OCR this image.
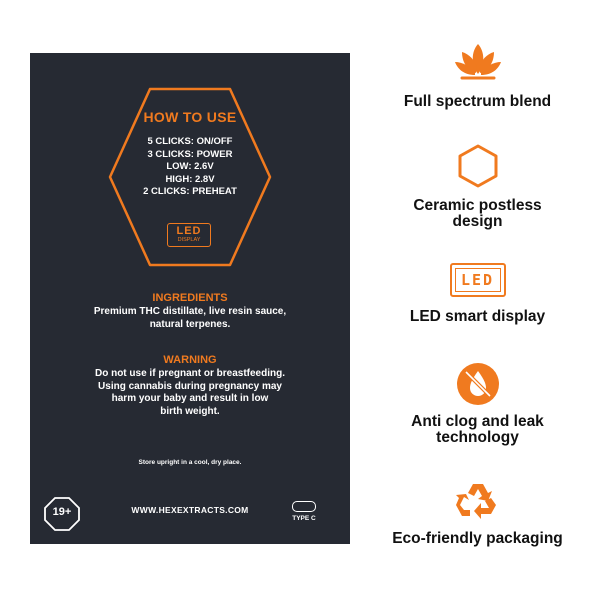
HOW TO USE
5 CLICKS: ON/OFF
3 CLICKS: POWER
LOW: 2.6V
HIGH: 2.8V
2 CLICKS: PREHEAT
LED
DISPLAY
INGREDIENTS
Premium THC distillate, live resin sauce,
natural terpenes.
WARNING
Do not use if pregnant or breastfeeding.
Using cannabis during pregnancy may
harm your baby and result in low
birth weight.
Store upright in a cool, dry place.
19+	WWW.HEXEXTRACTS.COM
TYPE C
Full spectrum blend
Ceramic postless
design
LED
LED smart display
Anti clog and leak
technology
Eco-friendly packaging
